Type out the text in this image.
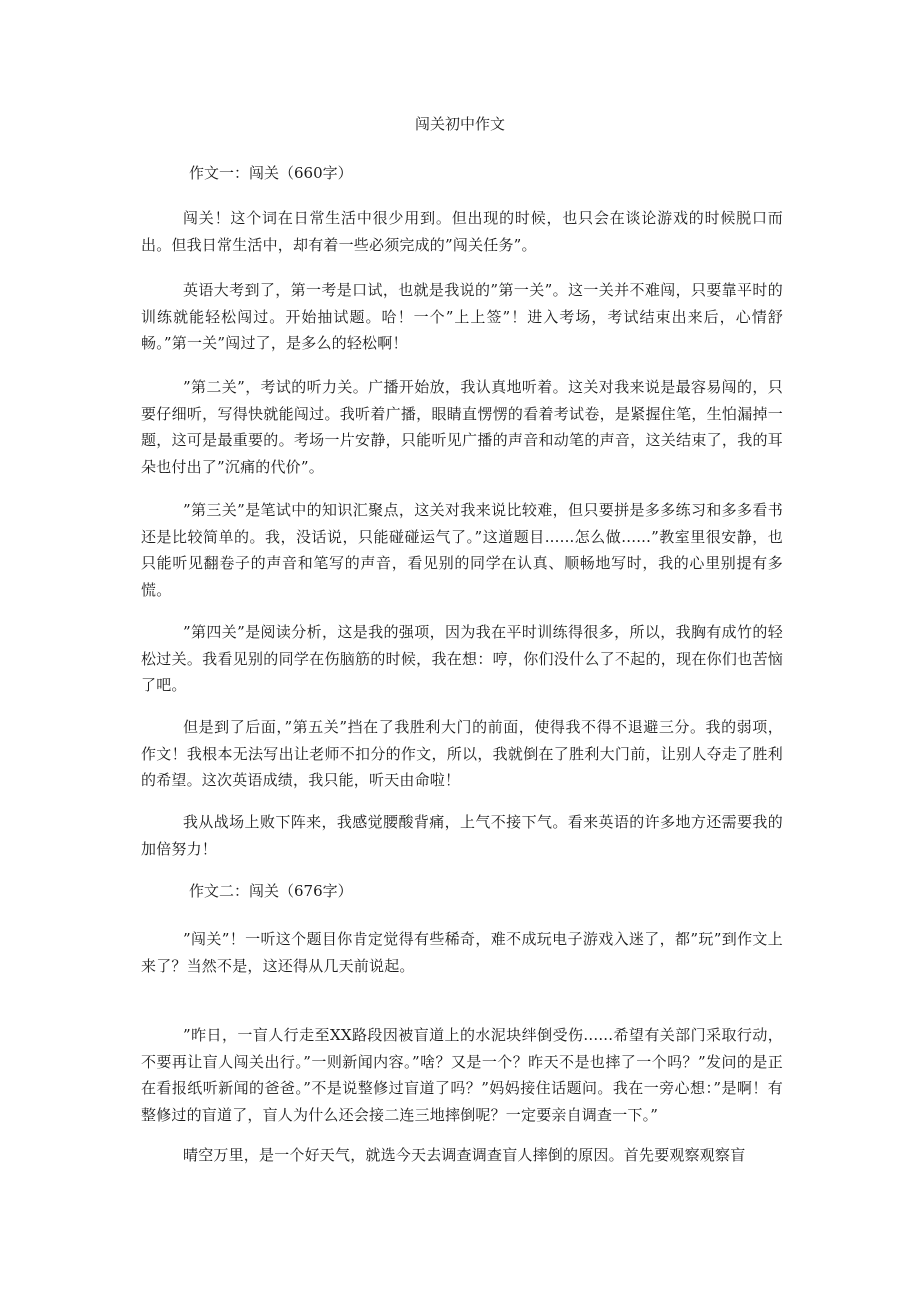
闯关初中作文

作文一：闯关（660字）

闯关！这个词在日常生活中很少用到。但出现的时候，也只会在谈论游戏的时候脱口而出。但我日常生活中，却有着一些必须完成的”闯关任务”。

英语大考到了，第一考是口试，也就是我说的”第一关”。这一关并不难闯，只要靠平时的训练就能轻松闯过。开始抽试题。哈！一个”上上签”！进入考场，考试结束出来后，心情舒畅。”第一关”闯过了，是多么的轻松啊！

”第二关”，考试的听力关。广播开始放，我认真地听着。这关对我来说是最容易闯的，只要仔细听，写得快就能闯过。我听着广播，眼睛直愣愣的看着考试卷，是紧握住笔，生怕漏掉一题，这可是最重要的。考场一片安静，只能听见广播的声音和动笔的声音，这关结束了，我的耳朵也付出了”沉痛的代价”。

”第三关”是笔试中的知识汇聚点，这关对我来说比较难，但只要拼是多多练习和多多看书还是比较简单的。我，没话说，只能碰碰运气了。”这道题目......怎么做......”教室里很安静，也只能听见翻卷子的声音和笔写的声音，看见别的同学在认真、顺畅地写时，我的心里别提有多慌。

”第四关”是阅读分析，这是我的强项，因为我在平时训练得很多，所以，我胸有成竹的轻松过关。我看见别的同学在伤脑筋的时候，我在想：哼，你们没什么了不起的，现在你们也苦恼了吧。

但是到了后面，”第五关”挡在了我胜利大门的前面，使得我不得不退避三分。我的弱项，作文！我根本无法写出让老师不扣分的作文，所以，我就倒在了胜利大门前，让别人夺走了胜利的希望。这次英语成绩，我只能，听天由命啦！

我从战场上败下阵来，我感觉腰酸背痛，上气不接下气。看来英语的许多地方还需要我的加倍努力！

作文二：闯关（676字）

”闯关”！一听这个题目你肯定觉得有些稀奇，难不成玩电子游戏入迷了，都”玩”到作文上来了？当然不是，这还得从几天前说起。

”昨日，一盲人行走至XX路段因被盲道上的水泥块绊倒受伤......希望有关部门采取行动，不要再让盲人闯关出行。”一则新闻内容。”啥？又是一个？昨天不是也摔了一个吗？”发问的是正在看报纸听新闻的爸爸。”不是说整修过盲道了吗？”妈妈接住话题问。我在一旁心想：”是啊！有整修过的盲道了，盲人为什么还会接二连三地摔倒呢？一定要亲自调查一下。”

晴空万里，是一个好天气，就选今天去调查调查盲人摔倒的原因。首先要观察观察盲
